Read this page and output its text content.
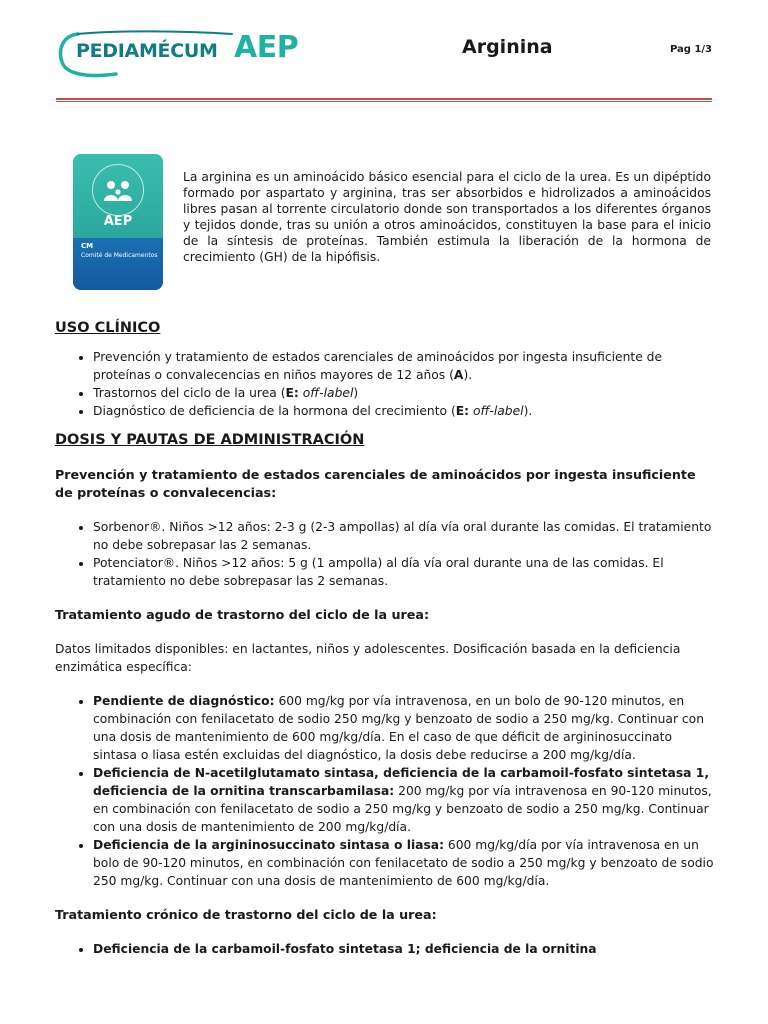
PEDIAMÉCUM AEP	Arginina	Pag 1/3
AEP
CM
Comité de Medicamentos

La arginina es un aminoácido básico esencial para el ciclo de la urea. Es un dipéptido formado por aspartato y arginina, tras ser absorbidos e hidrolizados a aminoácidos libres pasan al torrente circulatorio donde son transportados a los diferentes órganos y tejidos donde, tras su unión a otros aminoácidos, constituyen la base para el inicio de la síntesis de proteínas. También estimula la liberación de la hormona de crecimiento (GH) de la hipófisis.

USO CLÍNICO
• Prevención y tratamiento de estados carenciales de aminoácidos por ingesta insuficiente de proteínas o convalecencias en niños mayores de 12 años (A).
• Trastornos del ciclo de la urea (E: off-label)
• Diagnóstico de deficiencia de la hormona del crecimiento (E: off-label).
DOSIS Y PAUTAS DE ADMINISTRACIÓN
Prevención y tratamiento de estados carenciales de aminoácidos por ingesta insuficiente de proteínas o convalecencias:
• Sorbenor®. Niños >12 años: 2-3 g (2-3 ampollas) al día vía oral durante las comidas. El tratamiento no debe sobrepasar las 2 semanas.
• Potenciator®. Niños >12 años: 5 g (1 ampolla) al día vía oral durante una de las comidas. El tratamiento no debe sobrepasar las 2 semanas.
Tratamiento agudo de trastorno del ciclo de la urea:

Datos limitados disponibles: en lactantes, niños y adolescentes. Dosificación basada en la deficiencia enzimática específica:

• Pendiente de diagnóstico: 600 mg/kg por vía intravenosa, en un bolo de 90-120 minutos, en combinación con fenilacetato de sodio 250 mg/kg y benzoato de sodio a 250 mg/kg. Continuar con una dosis de mantenimiento de 600 mg/kg/día. En el caso de que déficit de argininosuccinato sintasa o liasa estén excluidas del diagnóstico, la dosis debe reducirse a 200 mg/kg/día.
• Deficiencia de N-acetilglutamato sintasa, deficiencia de la carbamoil-fosfato sintetasa 1, deficiencia de la ornitina transcarbamilasa: 200 mg/kg por vía intravenosa en 90-120 minutos, en combinación con fenilacetato de sodio a 250 mg/kg y benzoato de sodio a 250 mg/kg. Continuar con una dosis de mantenimiento de 200 mg/kg/día.
• Deficiencia de la argininosuccinato sintasa o liasa: 600 mg/kg/día por vía intravenosa en un bolo de 90-120 minutos, en combinación con fenilacetato de sodio a 250 mg/kg y benzoato de sodio 250 mg/kg. Continuar con una dosis de mantenimiento de 600 mg/kg/día.
Tratamiento crónico de trastorno del ciclo de la urea:
• Deficiencia de la carbamoil-fosfato sintetasa 1; deficiencia de la ornitina
